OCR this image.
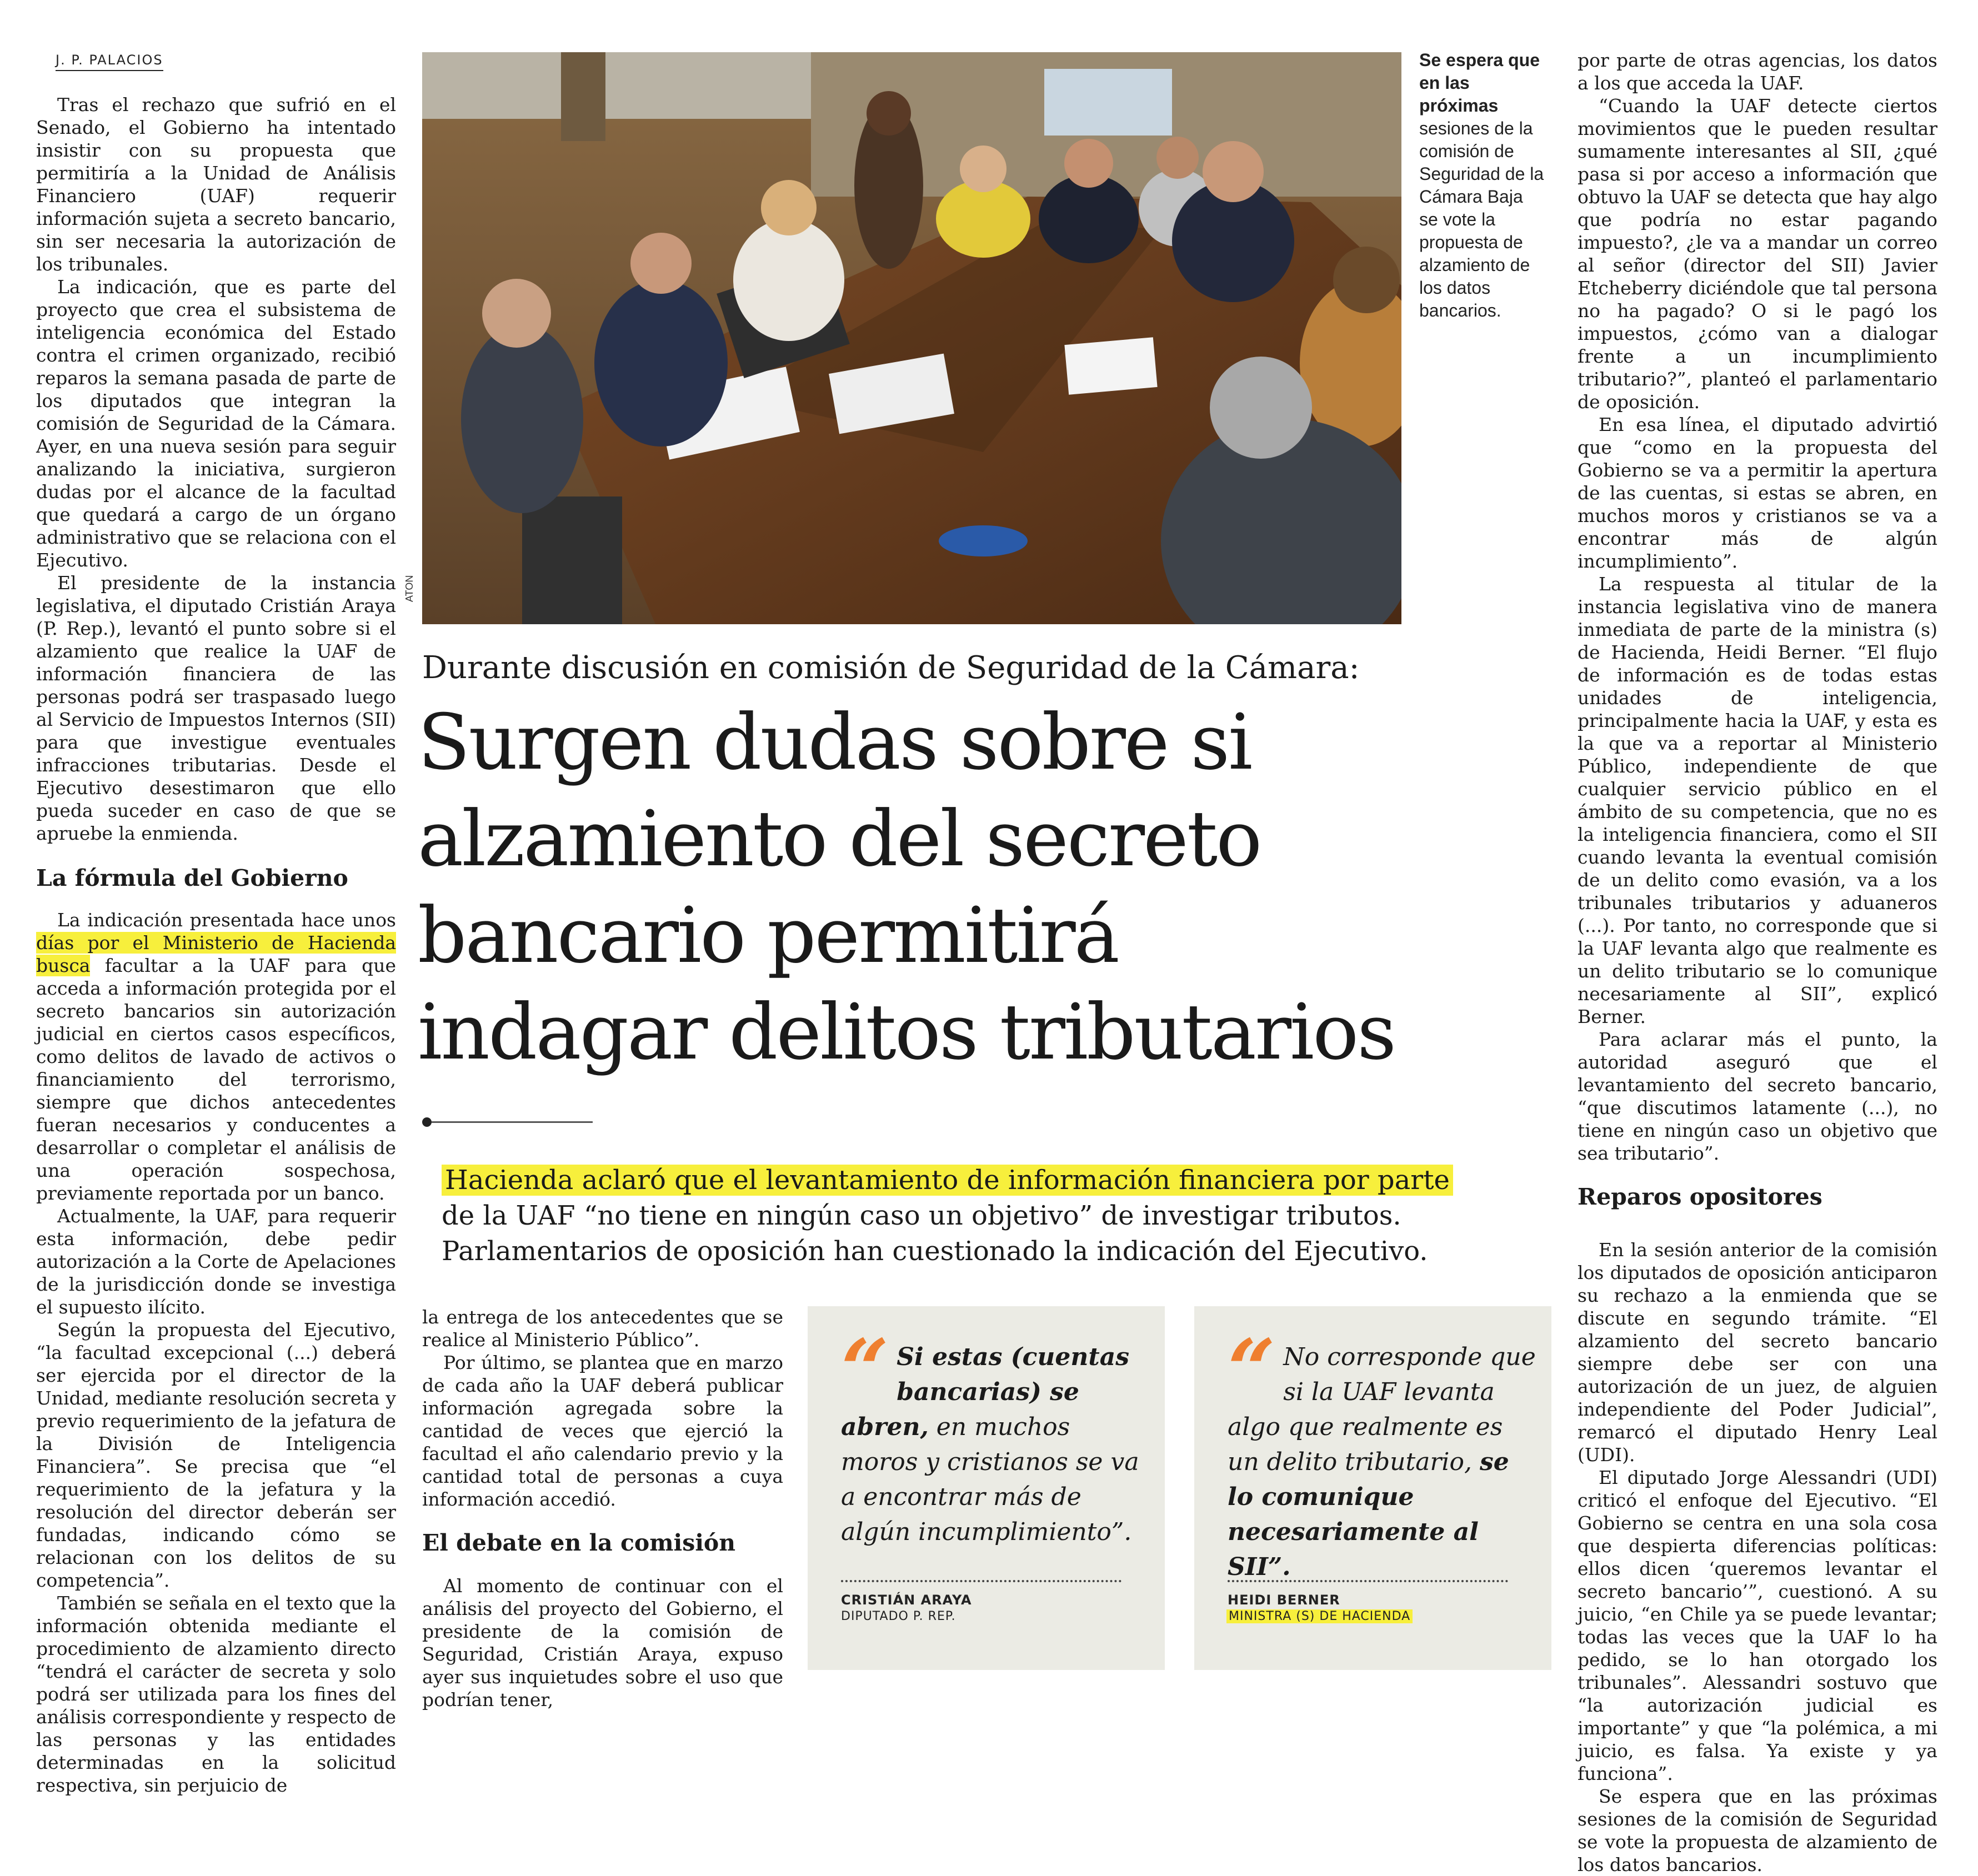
J. P. PALACIOS

Tras el rechazo que sufrió en el Senado, el Gobierno ha intentado insistir con su propuesta que permitiría a la Unidad de Análisis Financiero (UAF) requerir información sujeta a secreto bancario, sin ser necesaria la autorización de los tribunales.

La indicación, que es parte del proyecto que crea el subsistema de inteligencia económica del Estado contra el crimen organizado, recibió reparos la semana pasada de parte de los diputados que integran la comisión de Seguridad de la Cámara. Ayer, en una nueva sesión para seguir analizando la iniciativa, surgieron dudas por el alcance de la facultad que quedará a cargo de un órgano administrativo que se relaciona con el Ejecutivo.

El presidente de la instancia legislativa, el diputado Cristián Araya (P. Rep.), levantó el punto sobre si el alzamiento que realice la UAF de información financiera de las personas podrá ser traspasado luego al Servicio de Impuestos Internos (SII) para que investigue eventuales infracciones tributarias. Desde el Ejecutivo desestimaron que ello pueda suceder en caso de que se apruebe la enmienda.

La fórmula del Gobierno

La indicación presentada hace unos días por el Ministerio de Hacienda busca facultar a la UAF para que acceda a información protegida por el secreto bancarios sin autorización judicial en ciertos casos específicos, como delitos de lavado de activos o financiamiento del terrorismo, siempre que dichos antecedentes fueran necesarios y conducentes a desarrollar o completar el análisis de una operación sospechosa, previamente reportada por un banco.

Actualmente, la UAF, para requerir esta información, debe pedir autorización a la Corte de Apelaciones de la jurisdicción donde se investiga el supuesto ilícito.

Según la propuesta del Ejecutivo, “la facultad excepcional (...) deberá ser ejercida por el director de la Unidad, mediante resolución secreta y previo requerimiento de la jefatura de la División de Inteligencia Financiera”. Se precisa que “el requerimiento de la jefatura y la resolución del director deberán ser fundadas, indicando cómo se relacionan con los delitos de su competencia”.

También se señala en el texto que la información obtenida mediante el procedimiento de alzamiento directo “tendrá el carácter de secreta y solo podrá ser utilizada para los fines del análisis correspondiente y respecto de las personas y las entidades determinadas en la solicitud respectiva, sin perjuicio de

ATON
Se espera que en las próximas sesiones de la comisión de Seguridad de la Cámara Baja se vote la propuesta de alzamiento de los datos bancarios.
Durante discusión en comisión de Seguridad de la Cámara:
Surgen dudas sobre si
alzamiento del secreto
bancario permitirá
indagar delitos tributarios
Hacienda aclaró que el levantamiento de información financiera por parte
de la UAF “no tiene en ningún caso un objetivo” de investigar tributos.
Parlamentarios de oposición han cuestionado la indicación del Ejecutivo.

la entrega de los antecedentes que se realice al Ministerio Público”.

Por último, se plantea que en marzo de cada año la UAF deberá publicar información agregada sobre la cantidad de veces que ejerció la facultad el año calendario previo y la cantidad total de personas a cuya información accedió.

El debate en la comisión

Al momento de continuar con el análisis del proyecto del Gobierno, el presidente de la comisión de Seguridad, Cristián Araya, expuso ayer sus inquietudes sobre el uso que podrían tener,

“ Si estas (cuentas bancarias) se abren, en muchos moros y cristianos se va a encontrar más de algún incumplimiento”.
CRISTIÁN ARAYA
DIPUTADO P. REP.
“ No corresponde que si la UAF levanta algo que realmente es un delito tributario, se lo comunique necesariamente al SII”.
HEIDI BERNER
MINISTRA (S) DE HACIENDA

por parte de otras agencias, los datos a los que acceda la UAF.

“Cuando la UAF detecte ciertos movimientos que le pueden resultar sumamente interesantes al SII, ¿qué pasa si por acceso a información que obtuvo la UAF se detecta que hay algo que podría no estar pagando impuesto?, ¿le va a mandar un correo al señor (director del SII) Javier Etcheberry diciéndole que tal persona no ha pagado? O si le pagó los impuestos, ¿cómo van a dialogar frente a un incumplimiento tributario?”, planteó el parlamentario de oposición.

En esa línea, el diputado advirtió que “como en la propuesta del Gobierno se va a permitir la apertura de las cuentas, si estas se abren, en muchos moros y cristianos se va a encontrar más de algún incumplimiento”.

La respuesta al titular de la instancia legislativa vino de manera inmediata de parte de la ministra (s) de Hacienda, Heidi Berner. “El flujo de información es de todas estas unidades de inteligencia, principalmente hacia la UAF, y esta es la que va a reportar al Ministerio Público, independiente de que cualquier servicio público en el ámbito de su competencia, que no es la inteligencia financiera, como el SII cuando levanta la eventual comisión de un delito como evasión, va a los tribunales tributarios y aduaneros (...). Por tanto, no corresponde que si la UAF levanta algo que realmente es un delito tributario se lo comunique necesariamente al SII”, explicó Berner.

Para aclarar más el punto, la autoridad aseguró que el levantamiento del secreto bancario, “que discutimos latamente (...), no tiene en ningún caso un objetivo que sea tributario”.

Reparos opositores

En la sesión anterior de la comisión los diputados de oposición anticiparon su rechazo a la enmienda que se discute en segundo trámite. “El alzamiento del secreto bancario siempre debe ser con una autorización de un juez, de alguien independiente del Poder Judicial”, remarcó el diputado Henry Leal (UDI).

El diputado Jorge Alessandri (UDI) criticó el enfoque del Ejecutivo. “El Gobierno se centra en una sola cosa que despierta diferencias políticas: ellos dicen ‘queremos levantar el secreto bancario’”, cuestionó. A su juicio, “en Chile ya se puede levantar; todas las veces que la UAF lo ha pedido, se lo han otorgado los tribunales”. Alessandri sostuvo que “la autorización judicial es importante” y que “la polémica, a mi juicio, es falsa. Ya existe y ya funciona”.

Se espera que en las próximas sesiones de la comisión de Seguridad se vote la propuesta de alzamiento de los datos bancarios.
